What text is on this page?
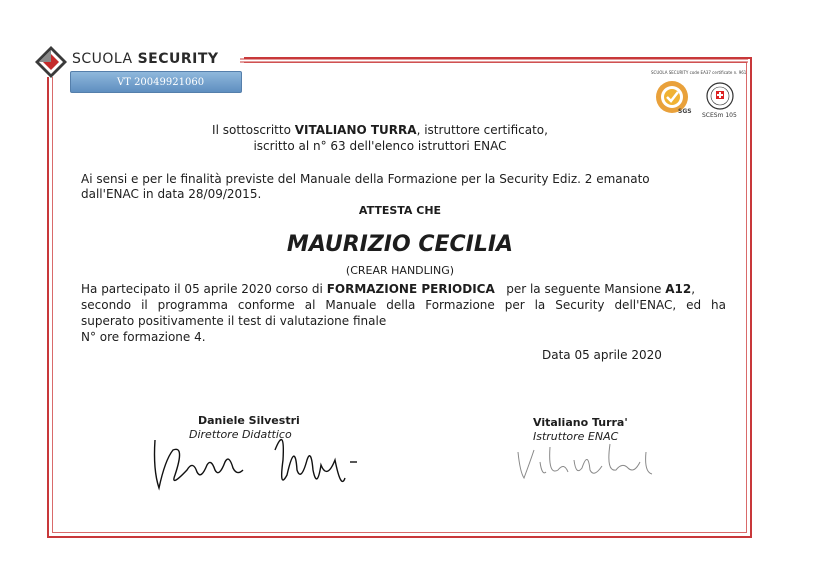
SCUOLA SECURITY
VT 20049921060
SCUOLA SECURITY code EA37 certificate n. 961
SGS
SCESm 105
Il sottoscritto VITALIANO TURRA, istruttore certificato,
iscritto al n° 63 dell'elenco istruttori ENAC
Ai sensi e per le finalità previste del Manuale della Formazione per la Security Ediz. 2 emanato
dall'ENAC in data 28/09/2015.
ATTESTA CHE
MAURIZIO CECILIA
(CREAR HANDLING)
Ha partecipato il 05 aprile 2020 corso di FORMAZIONE PERIODICA   per la seguente Mansione A12,
secondo il programma conforme al Manuale della Formazione per la Security dell'ENAC, ed ha
superato positivamente il test di valutazione finale
N° ore formazione 4.
Data 05 aprile 2020
Daniele Silvestri
Direttore Didattico
Vitaliano Turra'
Istruttore ENAC
